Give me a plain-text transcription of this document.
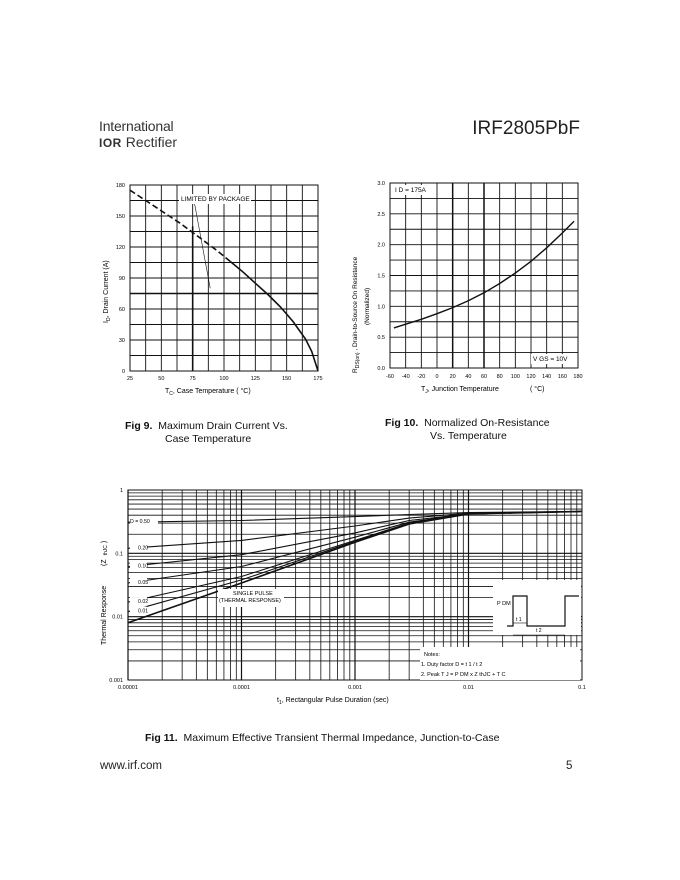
International
IOR Rectifier
IRF2805PbF
25	50	75	100	125	150	175
0
30
60
90
120
150
180
$T_C$, Case Temperature ( °C)
$I_D$, Drain Current (A)
LIMITED BY PACKAGE
-60 -40 -20 0 20 40 60 80 100 120 140 160 180
0.0
0.5
1.0
1.5
2.0
2.5
3.0
I D = 175A
V GS = 10V
$T_J$, Junction Temperature	( °C)
$R_{DS(on)}$ , Drain-to-Source On Resistance (Normalized)
Fig 9. Maximum Drain Current Vs.
Case Temperature
Fig 10. Normalized On-Resistance
Vs. Temperature
0.00001	0.0001	0.001	0.01	0.1
0.001
0.01
0.1
1
D = 0.50
0.20
0.10
0.05
0.02
0.01
SINGLE PULSE
(THERMAL RESPONSE)	P DM
t 1
t 2
Notes:
1. Duty factor D = t 1 / t 2
2. Peak T J = P DM x Z thJC + T C
$t_1$, Rectangular Pulse Duration (sec)
Thermal Response
(ZthJC)
Fig 11. Maximum Effective Transient Thermal Impedance, Junction-to-Case
www.irf.com	5
